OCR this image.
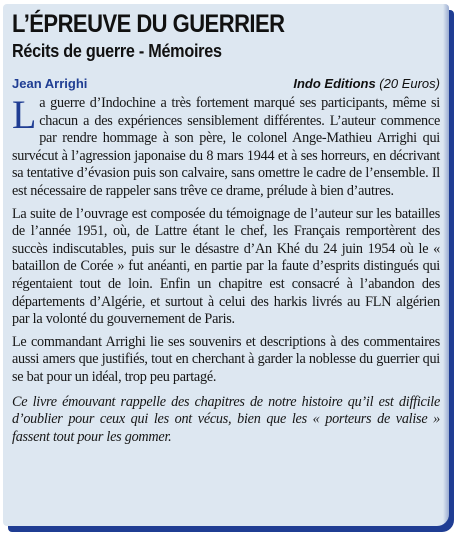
L’ÉPREUVE DU GUERRIER
Récits de guerre - Mémoires
Jean Arrighi	Indo Editions (20 Euros)

La guerre d’Indochine a très fortement marqué ses participants, même si chacun a des expériences sensiblement différentes. L’auteur commence par rendre hommage à son père, le colonel Ange-Mathieu Arrighi qui survécut à l’agression japonaise du 8 mars 1944 et à ses horreurs, en décrivant sa tentative d’évasion puis son calvaire, sans omettre le cadre de l’ensemble. Il est nécessaire de rappeler sans trêve ce drame, prélude à bien d’autres.

La suite de l’ouvrage est composée du témoignage de l’auteur sur les batailles de l’année 1951, où, de Lattre étant le chef, les Français remportèrent des succès indiscutables, puis sur le désastre d’An Khé du 24 juin 1954 où le « bataillon de Corée » fut anéanti, en partie par la faute d’esprits distingués qui régentaient tout de loin. Enfin un chapitre est consacré à l’abandon des départements d’Algérie, et surtout à celui des harkis livrés au FLN algérien par la volonté du gouvernement de Paris.

Le commandant Arrighi lie ses souvenirs et descriptions à des commentaires aussi amers que justifiés, tout en cherchant à garder la noblesse du guerrier qui se bat pour un idéal, trop peu partagé.

Ce livre émouvant rappelle des chapitres de notre histoire qu’il est difficile d’oublier pour ceux qui les ont vécus, bien que les « porteurs de valise » fassent tout pour les gommer.
